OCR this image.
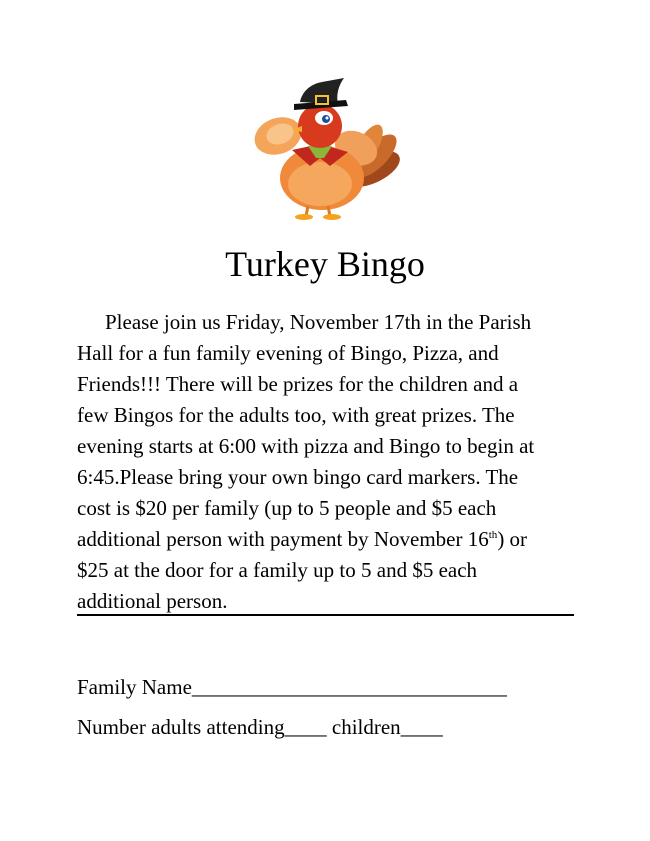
Turkey Bingo
Please join us Friday, November 17th in the Parish
Hall for a fun family evening of Bingo, Pizza, and
Friends!!! There will be prizes for the children and a
few Bingos for the adults too, with great prizes. The
evening starts at 6:00 with pizza and Bingo to begin at
6:45.Please bring your own bingo card markers. The
cost is $20 per family (up to 5 people and $5 each
additional person with payment by November 16th) or
$25 at the door for a family up to 5 and $5 each
additional person.
Family Name______________________________
Number adults attending____ children____
